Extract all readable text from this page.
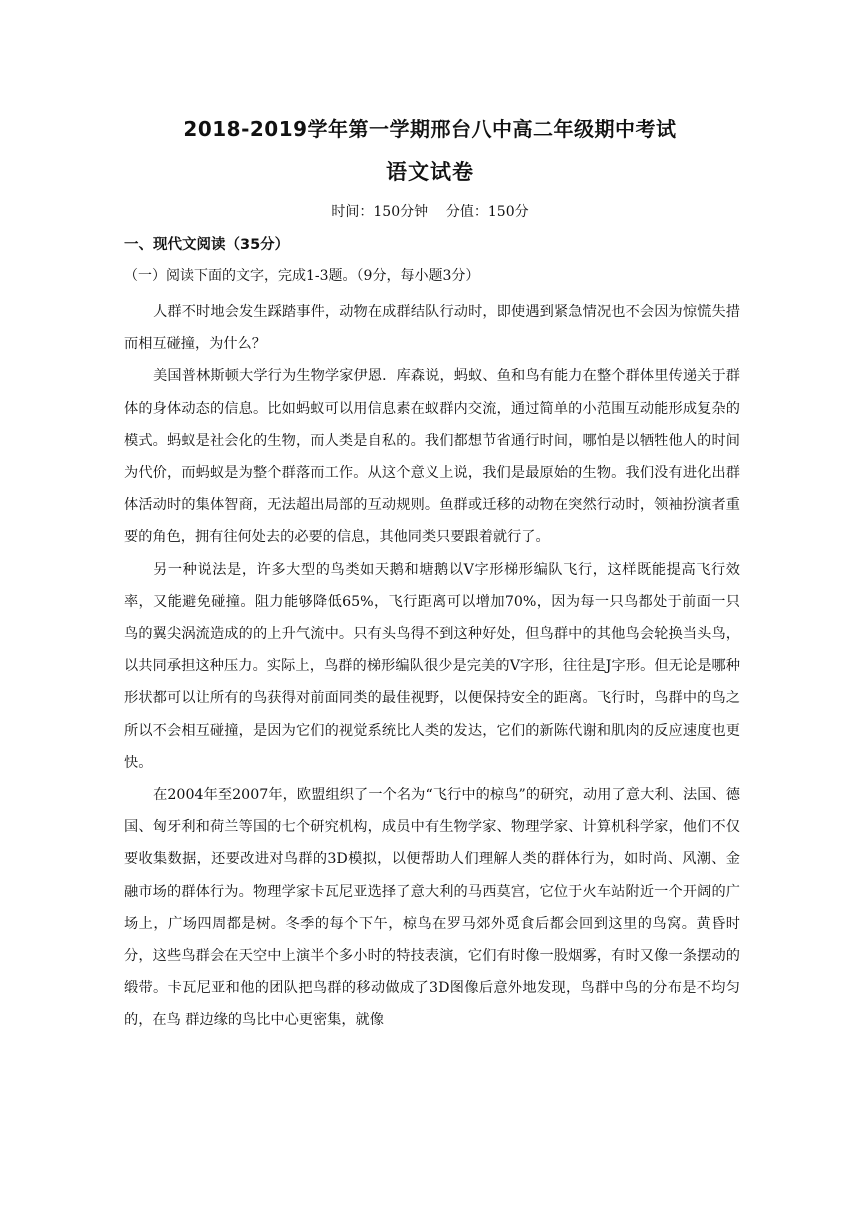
2018-2019学年第一学期邢台八中高二年级期中考试
语文试卷
时间：150分钟    分值：150分
一、现代文阅读（35分）
（一）阅读下面的文字，完成1-3题。（9分，每小题3分）

人群不时地会发生踩踏事件，动物在成群结队行动时，即使遇到紧急情况也不会因为惊慌失措而相互碰撞，为什么？

美国普林斯顿大学行为生物学家伊恩．库森说，蚂蚁、鱼和鸟有能力在整个群体里传递关于群体的身体动态的信息。比如蚂蚁可以用信息素在蚁群内交流，通过简单的小范围互动能形成复杂的模式。蚂蚁是社会化的生物，而人类是自私的。我们都想节省通行时间，哪怕是以牺牲他人的时间为代价，而蚂蚁是为整个群落而工作。从这个意义上说，我们是最原始的生物。我们没有进化出群体活动时的集体智商，无法超出局部的互动规则。鱼群或迁移的动物在突然行动时，领袖扮演者重要的角色，拥有往何处去的必要的信息，其他同类只要跟着就行了。

另一种说法是，许多大型的鸟类如天鹅和塘鹅以V字形梯形编队飞行，这样既能提高飞行效率，又能避免碰撞。阻力能够降低65%，飞行距离可以增加70%，因为每一只鸟都处于前面一只鸟的翼尖涡流造成的的上升气流中。只有头鸟得不到这种好处，但鸟群中的其他鸟会轮换当头鸟，以共同承担这种压力。实际上，鸟群的梯形编队很少是完美的V字形，往往是J字形。但无论是哪种形状都可以让所有的鸟获得对前面同类的最佳视野，以便保持安全的距离。飞行时，鸟群中的鸟之所以不会相互碰撞，是因为它们的视觉系统比人类的发达，它们的新陈代谢和肌肉的反应速度也更快。

在2004年至2007年，欧盟组织了一个名为“飞行中的椋鸟”的研究，动用了意大利、法国、德国、匈牙利和荷兰等国的七个研究机构，成员中有生物学家、物理学家、计算机科学家，他们不仅要收集数据，还要改进对鸟群的3D模拟，以便帮助人们理解人类的群体行为，如时尚、风潮、金融市场的群体行为。物理学家卡瓦尼亚选择了意大利的马西莫宫，它位于火车站附近一个开阔的广场上，广场四周都是树。冬季的每个下午，椋鸟在罗马郊外觅食后都会回到这里的鸟窝。黄昏时分，这些鸟群会在天空中上演半个多小时的特技表演，它们有时像一股烟雾，有时又像一条摆动的缎带。卡瓦尼亚和他的团队把鸟群的移动做成了3D图像后意外地发现，鸟群中鸟的分布是不均匀的，在鸟 群边缘的鸟比中心更密集，就像
